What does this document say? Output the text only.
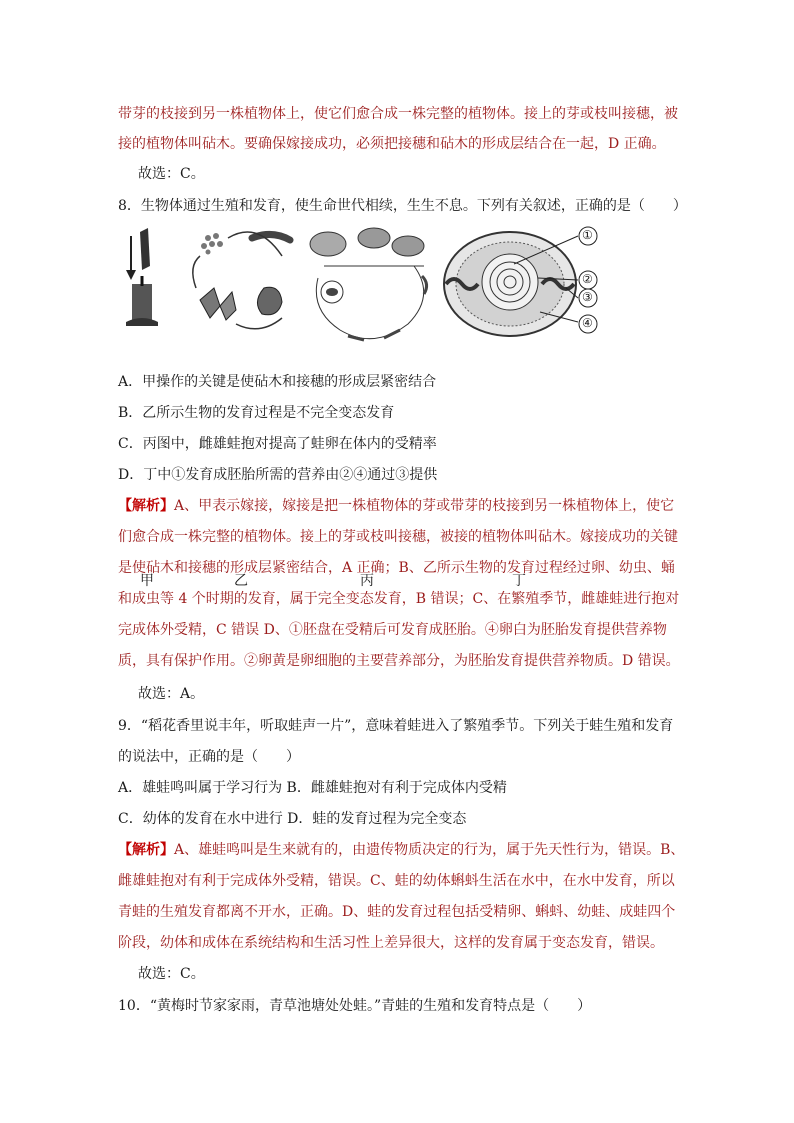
带芽的枝接到另一株植物体上，使它们愈合成一株完整的植物体。接上的芽或枝叫接穗，被
接的植物体叫砧木。要确保嫁接成功，必须把接穗和砧木的形成层结合在一起，D 正确。
故选：C。
8．生物体通过生殖和发育，使生命世代相续，生生不息。下列有关叙述，正确的是（　　）
①
②
③
④
甲	乙	丙	丁
A．甲操作的关键是使砧木和接穗的形成层紧密结合
B．乙所示生物的发育过程是不完全变态发育
C．丙图中，雌雄蛙抱对提高了蛙卵在体内的受精率
D．丁中①发育成胚胎所需的营养由②④通过③提供
【解析】A、甲表示嫁接，嫁接是把一株植物体的芽或带芽的枝接到另一株植物体上，使它
们愈合成一株完整的植物体。接上的芽或枝叫接穗，被接的植物体叫砧木。嫁接成功的关键
是使砧木和接穗的形成层紧密结合，A 正确；B、乙所示生物的发育过程经过卵、幼虫、蛹
和成虫等 4 个时期的发育，属于完全变态发育，B 错误；C、在繁殖季节，雌雄蛙进行抱对
完成体外受精，C 错误 D、①胚盘在受精后可发育成胚胎。④卵白为胚胎发育提供营养物
质，具有保护作用。②卵黄是卵细胞的主要营养部分，为胚胎发育提供营养物质。D 错误。
故选：A。
9．“稻花香里说丰年，听取蛙声一片”，意味着蛙进入了繁殖季节。下列关于蛙生殖和发育
的说法中，正确的是（　　）
A．雄蛙鸣叫属于学习行为 B．雌雄蛙抱对有利于完成体内受精
C．幼体的发育在水中进行 D．蛙的发育过程为完全变态
【解析】A、雄蛙鸣叫是生来就有的，由遗传物质决定的行为，属于先天性行为，错误。B、
雌雄蛙抱对有利于完成体外受精，错误。C、蛙的幼体蝌蚪生活在水中，在水中发育，所以
青蛙的生殖发育都离不开水，正确。D、蛙的发育过程包括受精卵、蝌蚪、幼蛙、成蛙四个
阶段，幼体和成体在系统结构和生活习性上差异很大，这样的发育属于变态发育，错误。
故选：C。
10．“黄梅时节家家雨，青草池塘处处蛙。”青蛙的生殖和发育特点是（　　）
